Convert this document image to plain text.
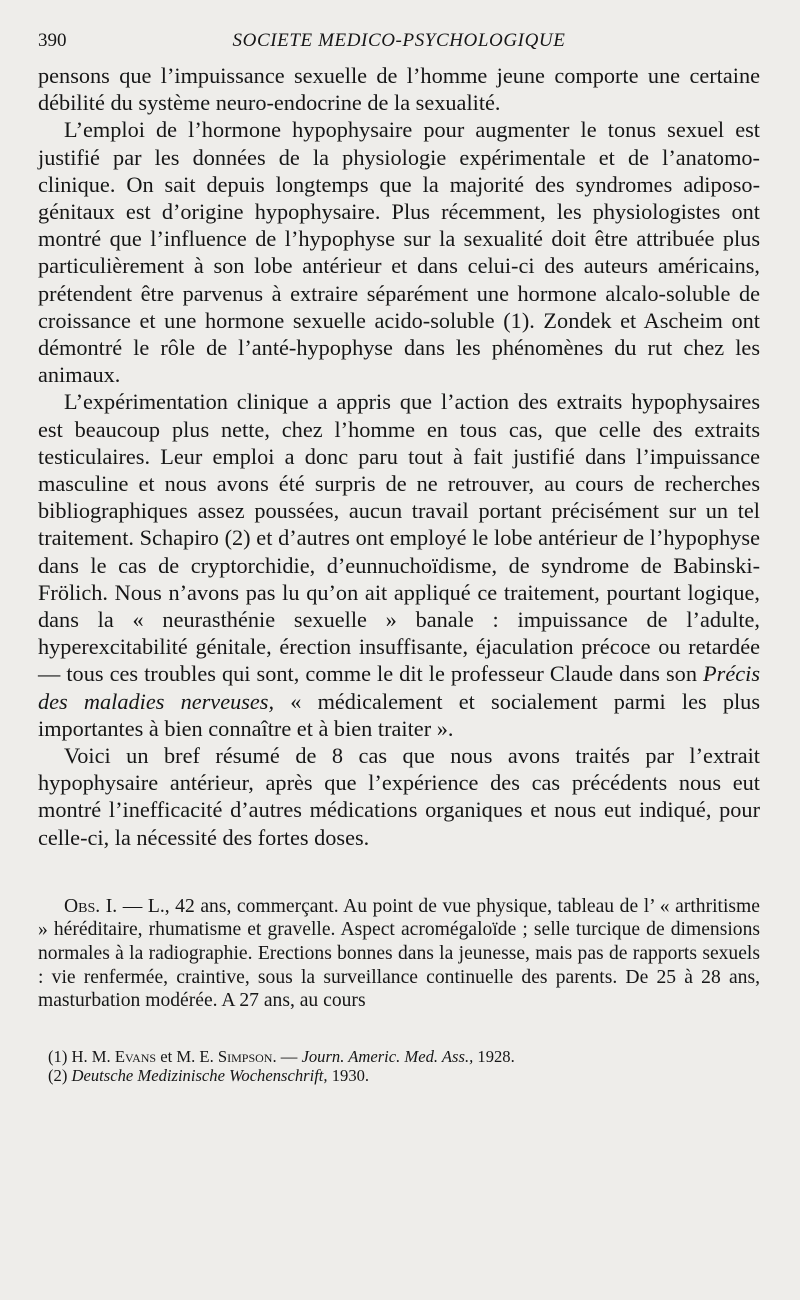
390	SOCIETE MEDICO-PSYCHOLOGIQUE

pensons que l’impuissance sexuelle de l’homme jeune comporte une certaine débilité du système neuro-endocrine de la sexualité.

L’emploi de l’hormone hypophysaire pour augmenter le tonus sexuel est justifié par les données de la physiologie expérimentale et de l’anatomo-clinique. On sait depuis longtemps que la majorité des syndromes adiposo-génitaux est d’origine hypophysaire. Plus récemment, les physiologistes ont montré que l’influence de l’hypophyse sur la sexualité doit être attribuée plus particulièrement à son lobe antérieur et dans celui-ci des auteurs américains, prétendent être parvenus à extraire séparément une hormone alcalo-soluble de croissance et une hormone sexuelle acido-soluble (1). Zondek et Ascheim ont démontré le rôle de l’anté-hypophyse dans les phénomènes du rut chez les animaux.

L’expérimentation clinique a appris que l’action des extraits hypophysaires est beaucoup plus nette, chez l’homme en tous cas, que celle des extraits testiculaires. Leur emploi a donc paru tout à fait justifié dans l’impuissance masculine et nous avons été surpris de ne retrouver, au cours de recherches bibliographiques assez poussées, aucun travail portant précisément sur un tel traitement. Schapiro (2) et d’autres ont employé le lobe antérieur de l’hypophyse dans le cas de cryptorchidie, d’eunnuchoïdisme, de syndrome de Babinski-Frölich. Nous n’avons pas lu qu’on ait appliqué ce traitement, pourtant logique, dans la « neurasthénie sexuelle » banale : impuissance de l’adulte, hyperexcitabilité génitale, érection insuffisante, éjaculation précoce ou retardée — tous ces troubles qui sont, comme le dit le professeur Claude dans son Précis des maladies nerveuses, « médicalement et socialement parmi les plus importantes à bien connaître et à bien traiter ».

Voici un bref résumé de 8 cas que nous avons traités par l’extrait hypophysaire antérieur, après que l’expérience des cas précédents nous eut montré l’inefficacité d’autres médications organiques et nous eut indiqué, pour celle-ci, la nécessité des fortes doses.

Obs. I. — L., 42 ans, commerçant. Au point de vue physique, tableau de l’ « arthritisme » héréditaire, rhumatisme et gravelle. Aspect acromégaloïde ; selle turcique de dimensions normales à la radiographie. Erections bonnes dans la jeunesse, mais pas de rapports sexuels : vie renfermée, craintive, sous la surveillance continuelle des parents. De 25 à 28 ans, masturbation modérée. A 27 ans, au cours

(1) H. M. Evans et M. E. Simpson. — Journ. Americ. Med. Ass., 1928.

(2) Deutsche Medizinische Wochenschrift, 1930.
